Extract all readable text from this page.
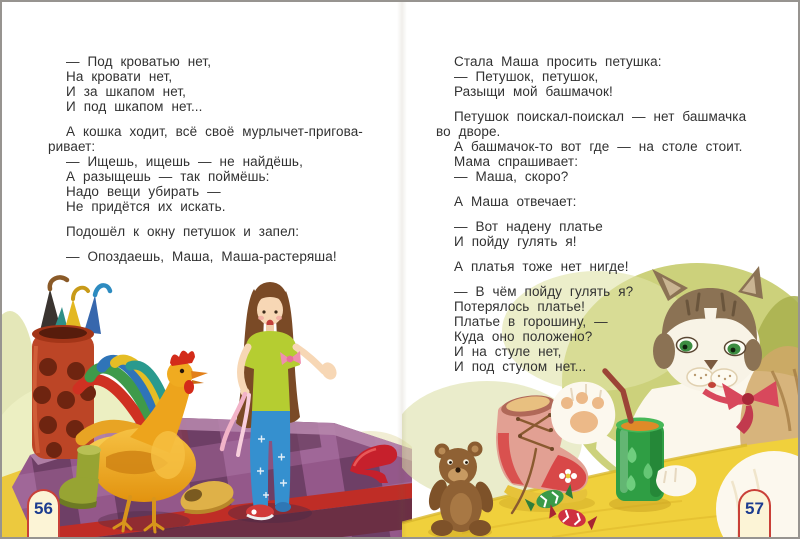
— Под кроватью нет,
На кровати нет,
И за шкапом нет,
И под шкапом нет...
А кошка ходит, всё своё мурлычет-пригова-
ривает:
— Ищешь, ищешь — не найдёшь,
А разыщешь — так поймёшь:
Надо вещи убирать —
Не придётся их искать.
Подошёл к окну петушок и запел:
— Опоздаешь, Маша, Маша-растеряша!
Стала Маша просить петушка:
— Петушок, петушок,
Разыщи мой башмачок!
Петушок поискал-поискал — нет башмачка
во дворе.
А башмачок-то вот где — на столе стоит.
Мама спрашивает:
— Маша, скоро?
А Маша отвечает:
— Вот надену платье
И пойду гулять я!
А платья тоже нет нигде!
— В чём пойду гулять я?
Потерялось платье!
Платье в горошину, —
Куда оно положено?
И на стуле нет,
И под стулом нет...
56	57
